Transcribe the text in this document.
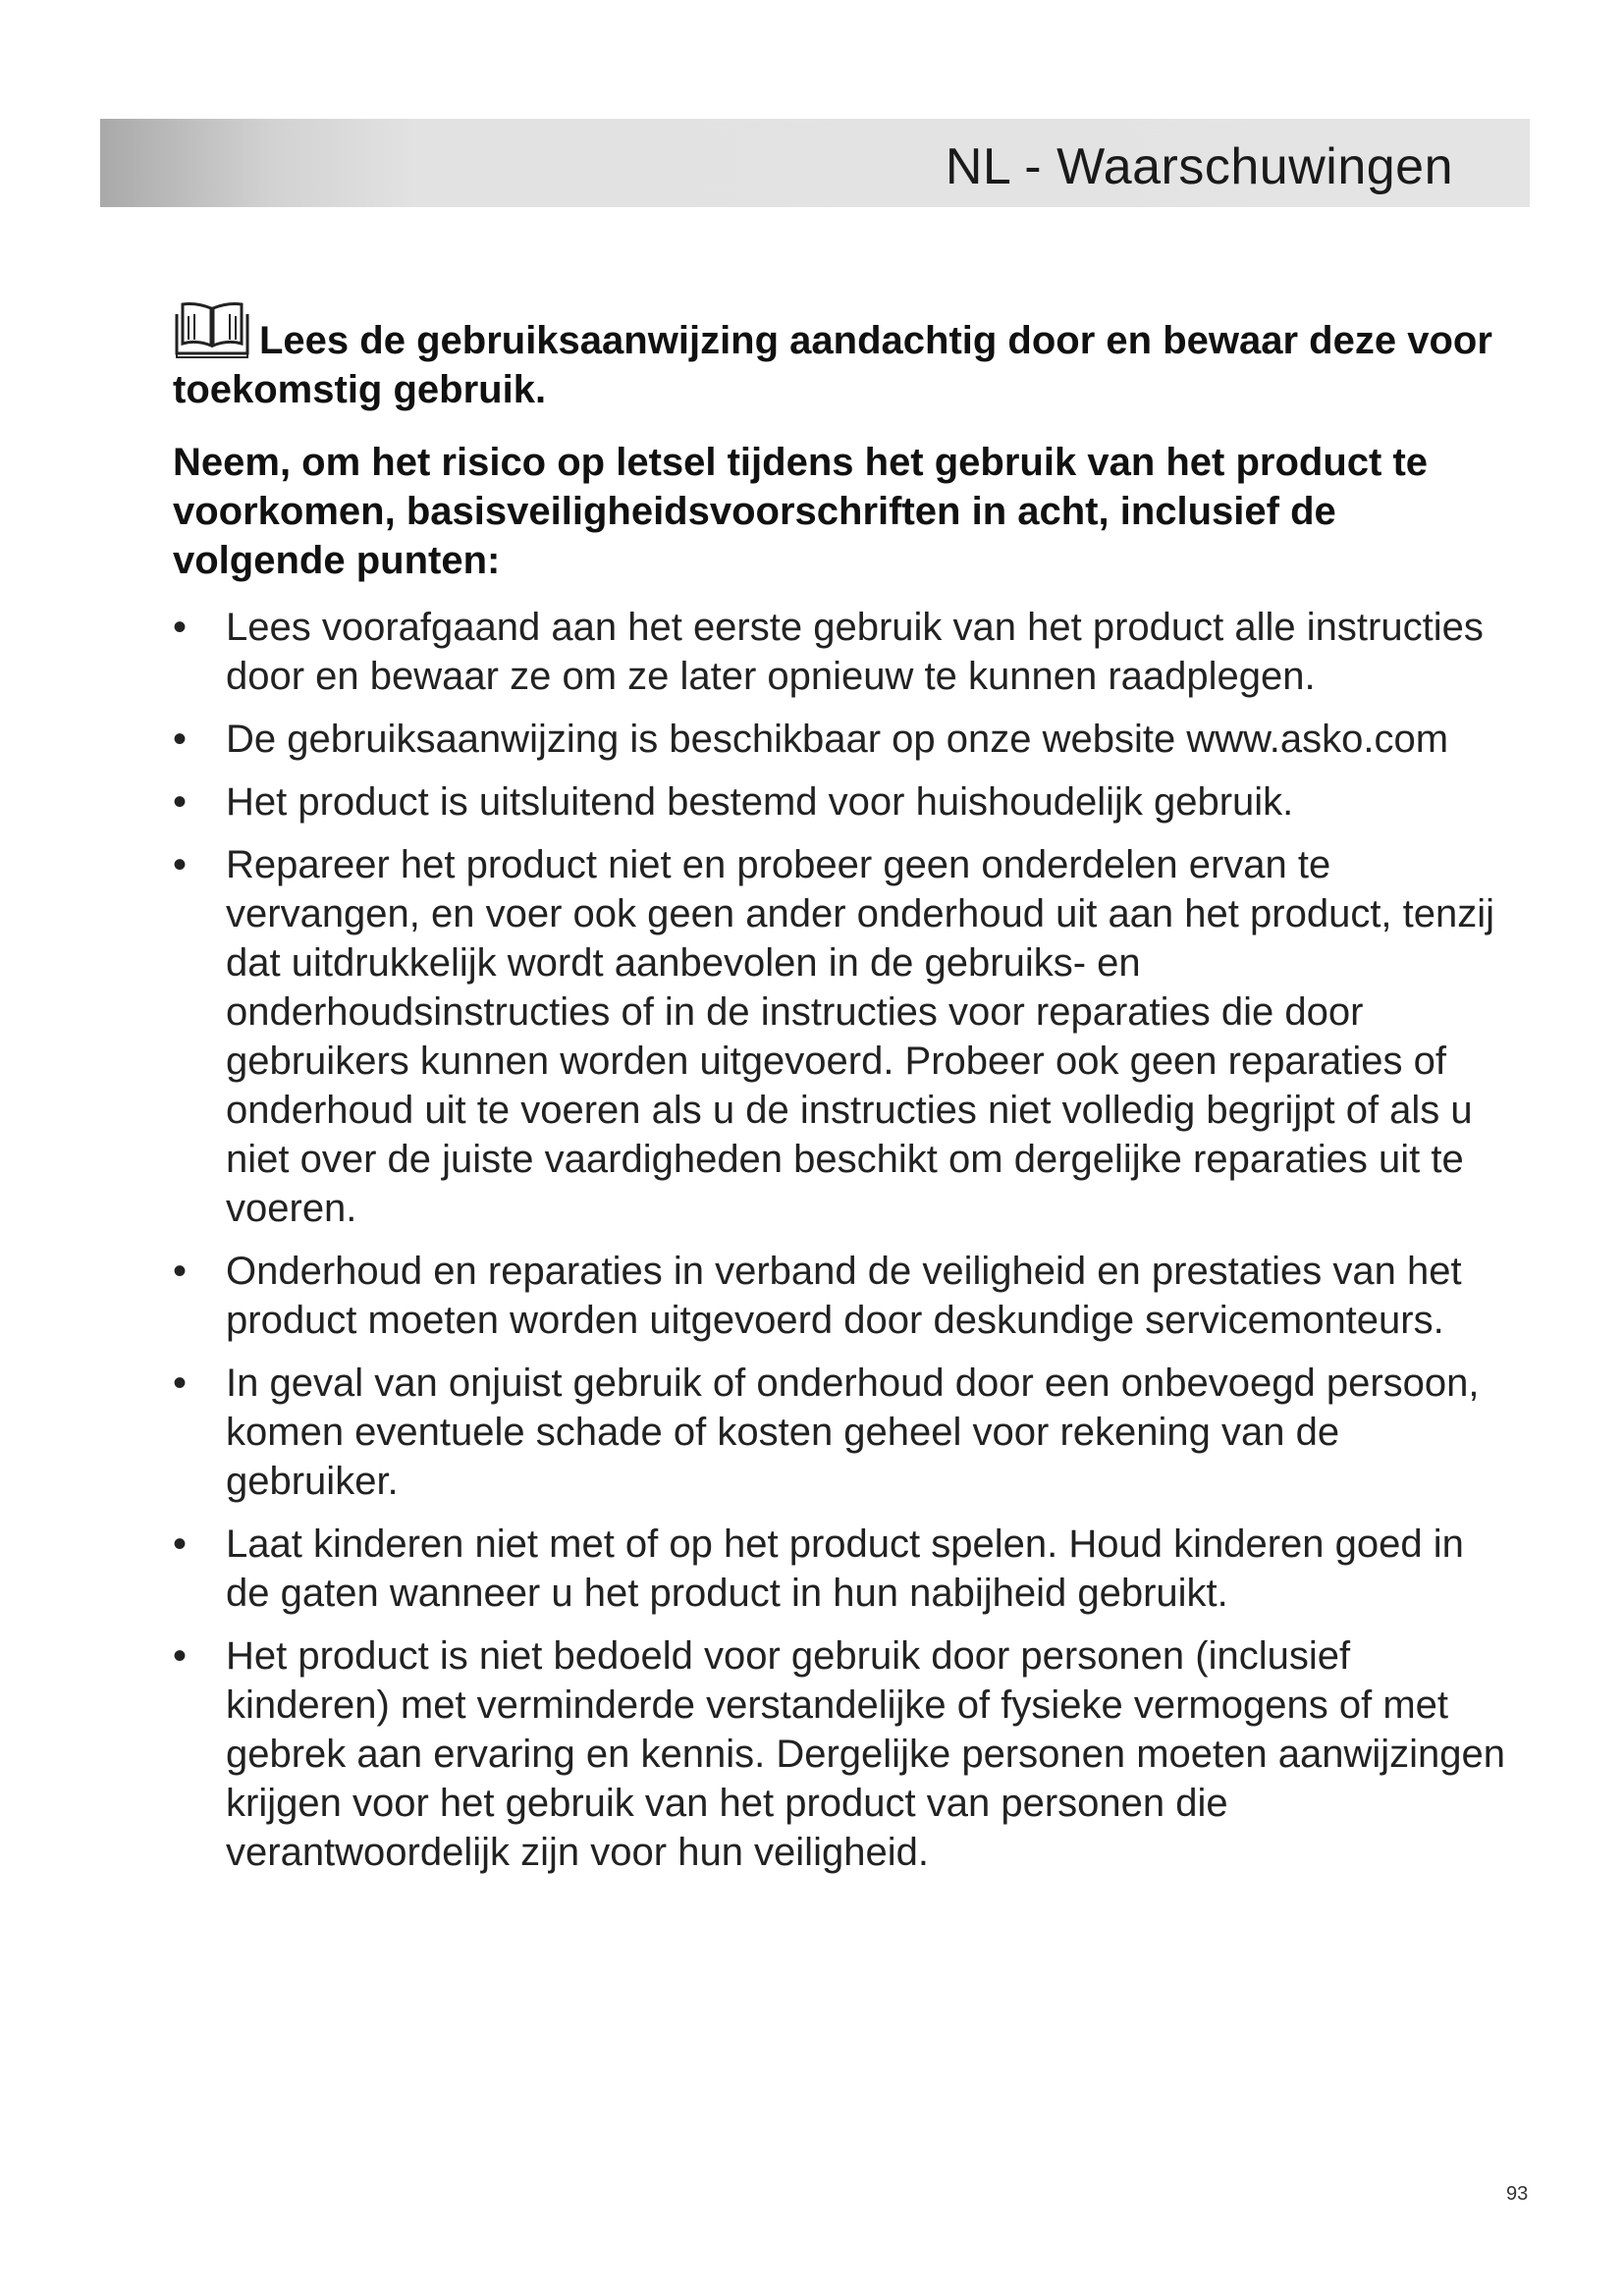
NL - Waarschuwingen

Lees de gebruiksaanwijzing aandachtig door en bewaar deze voor toekomstig gebruik.

Neem, om het risico op letsel tijdens het gebruik van het product te voorkomen, basisveiligheidsvoorschriften in acht, inclusief de volgende punten:

• Lees voorafgaand aan het eerste gebruik van het product alle instructies door en bewaar ze om ze later opnieuw te kunnen raadplegen.
• De gebruiksaanwijzing is beschikbaar op onze website www.asko.com
• Het product is uitsluitend bestemd voor huishoudelijk gebruik.
• Repareer het product niet en probeer geen onderdelen ervan te vervangen, en voer ook geen ander onderhoud uit aan het product, tenzij dat uitdrukkelijk wordt aanbevolen in de gebruiks- en onderhoudsinstructies of in de instructies voor reparaties die door gebruikers kunnen worden uitgevoerd. Probeer ook geen reparaties of onderhoud uit te voeren als u de instructies niet volledig begrijpt of als u niet over de juiste vaardigheden beschikt om dergelijke reparaties uit te voeren.
• Onderhoud en reparaties in verband de veiligheid en prestaties van het product moeten worden uitgevoerd door deskundige servicemonteurs.
• In geval van onjuist gebruik of onderhoud door een onbevoegd persoon, komen eventuele schade of kosten geheel voor rekening van de gebruiker.
• Laat kinderen niet met of op het product spelen. Houd kinderen goed in de gaten wanneer u het product in hun nabijheid gebruikt.
• Het product is niet bedoeld voor gebruik door personen (inclusief kinderen) met verminderde verstandelijke of fysieke vermogens of met gebrek aan ervaring en kennis. Dergelijke personen moeten aanwijzingen krijgen voor het gebruik van het product van personen die verantwoordelijk zijn voor hun veiligheid.
93
